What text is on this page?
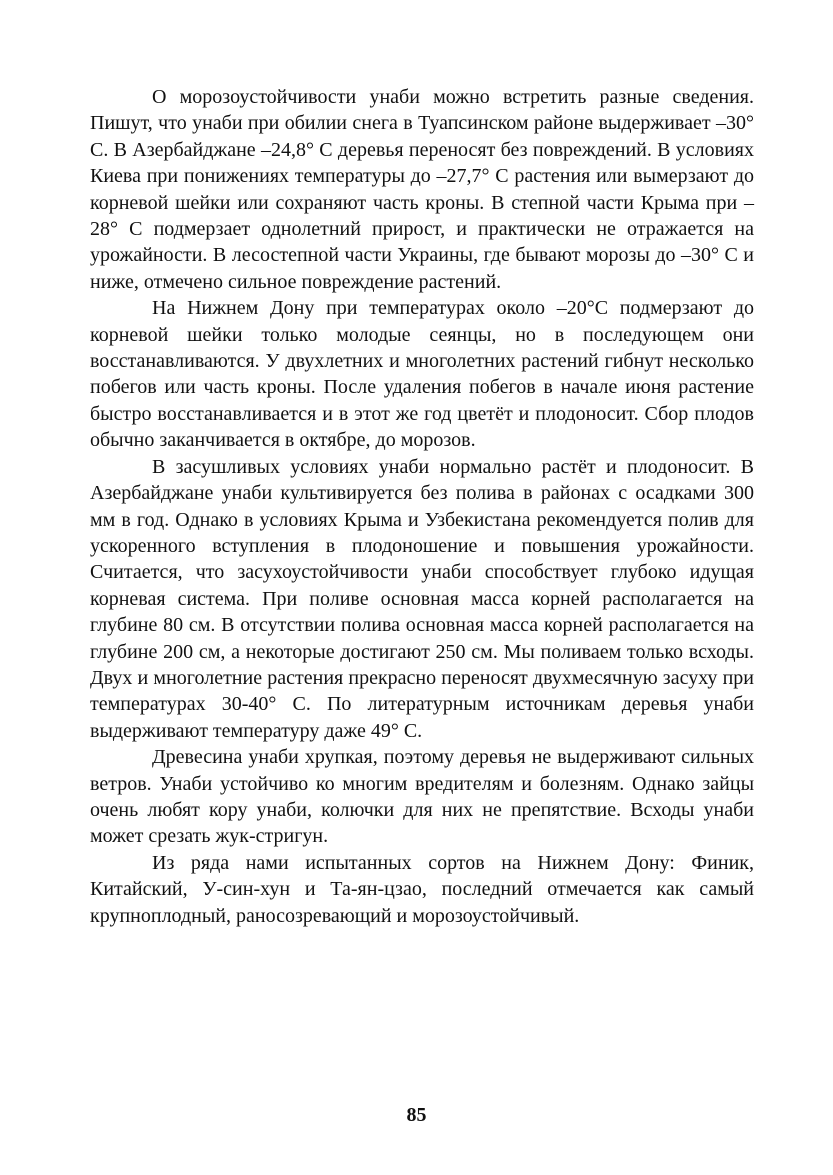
О морозоустойчивости унаби можно встретить разные сведения. Пишут, что унаби при обилии снега в Туапсинском районе выдерживает –30° С. В Азербайджане –24,8° С деревья переносят без повреждений. В условиях Киева при понижениях температуры до –27,7° С растения или вымерзают до корневой шейки или сохраняют часть кроны. В степной части Крыма при –28° С подмерзает однолетний прирост, и практически не отражается на урожайности. В лесостепной части Украины, где бывают морозы до –30° С и ниже, отмечено сильное повреждение растений.

На Нижнем Дону при температурах около –20°С подмерзают до корневой шейки только молодые сеянцы, но в последующем они восстанавливаются. У двухлетних и многолетних растений гибнут несколько побегов или часть кроны. После удаления побегов в начале июня растение быстро восстанавливается и в этот же год цветёт и плодоносит. Сбор плодов обычно заканчивается в октябре, до морозов.

В засушливых условиях унаби нормально растёт и плодоносит. В Азербайджане унаби культивируется без полива в районах с осадками 300 мм в год. Однако в условиях Крыма и Узбекистана рекомендуется полив для ускоренного вступления в плодоношение и повышения урожайности. Считается, что засухоустойчивости унаби способствует глубоко идущая корневая система. При поливе основная масса корней располагается на глубине 80 см. В отсутствии полива основная масса корней располагается на глубине 200 см, а некоторые достигают 250 см. Мы поливаем только всходы. Двух и многолетние растения прекрасно переносят двухмесячную засуху при температурах 30-40° С. По литературным источникам деревья унаби выдерживают температуру даже 49° С.

Древесина унаби хрупкая, поэтому деревья не выдерживают сильных ветров. Унаби устойчиво ко многим вредителям и болезням. Однако зайцы очень любят кору унаби, колючки для них не препятствие. Всходы унаби может срезать жук-стригун.

Из ряда нами испытанных сортов на Нижнем Дону: Финик, Китайский, У-син-хун и Та-ян-цзао, последний отмечается как самый крупноплодный, раносозревающий и морозоустойчивый.

85
